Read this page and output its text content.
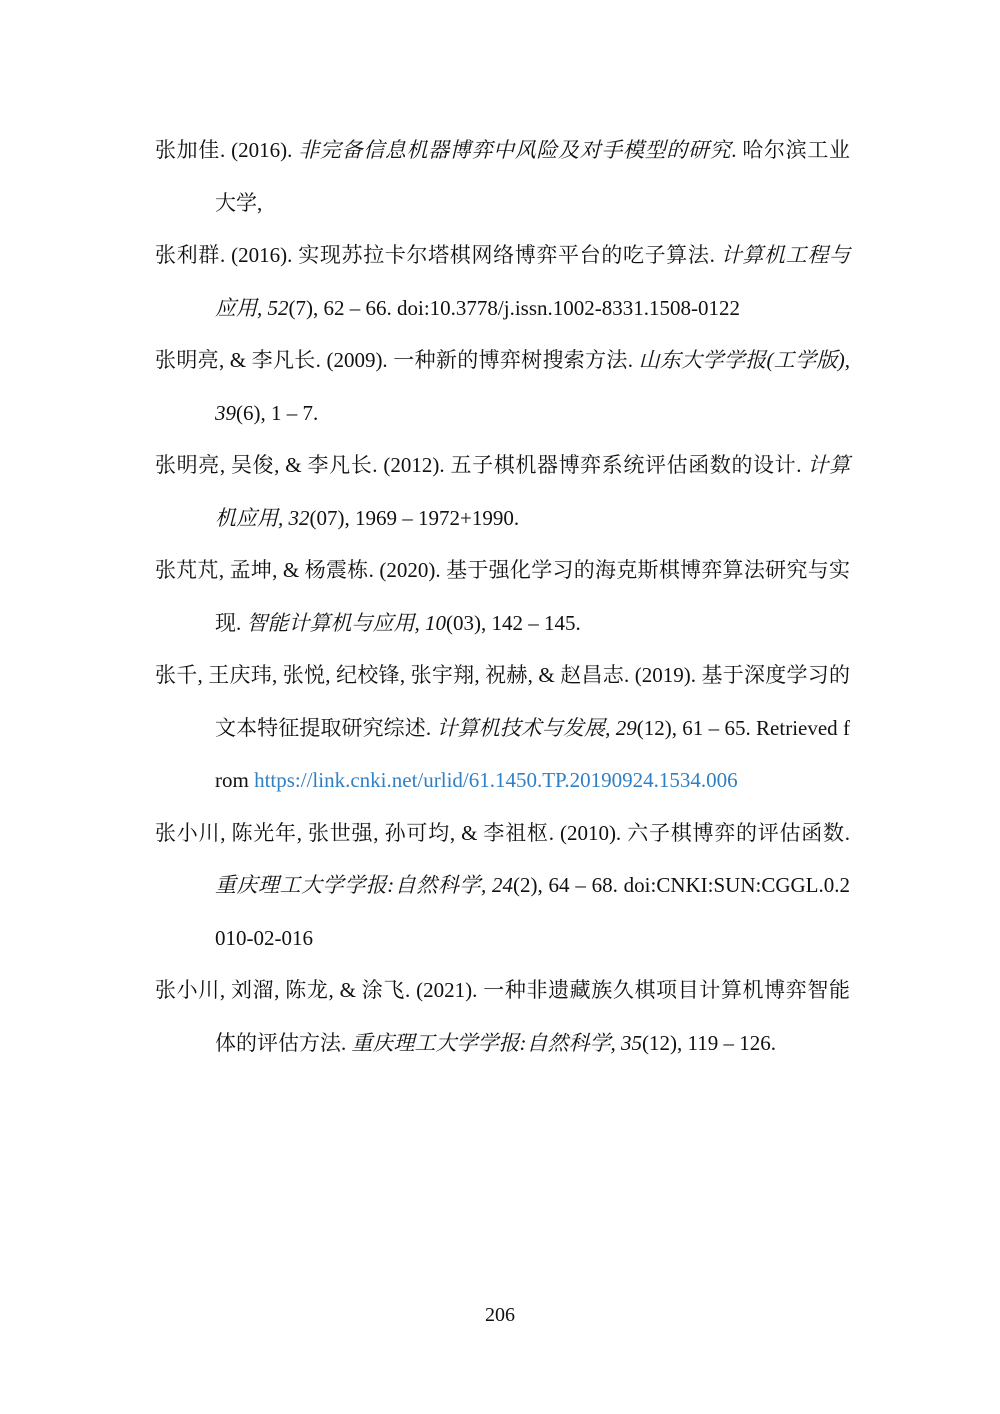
张加佳. (2016). 非完备信息机器博弈中风险及对手模型的研究. 哈尔滨工业大学,

张利群. (2016). 实现苏拉卡尔塔棋网络博弈平台的吃子算法. 计算机工程与应用, 52(7), 62 – 66. doi:10.3778/j.issn.1002-8331.1508-0122

张明亮, & 李凡长. (2009). 一种新的博弈树搜索方法. 山东大学学报(工学版), 39(6), 1 – 7.

张明亮, 吴俊, & 李凡长. (2012). 五子棋机器博弈系统评估函数的设计. 计算机应用, 32(07), 1969 – 1972+1990.

张芃芃, 孟坤, & 杨震栋. (2020). 基于强化学习的海克斯棋博弈算法研究与实现. 智能计算机与应用, 10(03), 142 – 145.

张千, 王庆玮, 张悦, 纪校锋, 张宇翔, 祝赫, & 赵昌志. (2019). 基于深度学习的文本特征提取研究综述. 计算机技术与发展, 29(12), 61 – 65. Retrieved from https://link.cnki.net/urlid/61.1450.TP.20190924.1534.006

张小川, 陈光年, 张世强, 孙可均, & 李祖枢. (2010). 六子棋博弈的评估函数. 重庆理工大学学报:自然科学, 24(2), 64 – 68. doi:CNKI:SUN:CGGL.0.2010-02-016

张小川, 刘溜, 陈龙, & 涂飞. (2021). 一种非遗藏族久棋项目计算机博弈智能体的评估方法. 重庆理工大学学报:自然科学, 35(12), 119 – 126.

206
